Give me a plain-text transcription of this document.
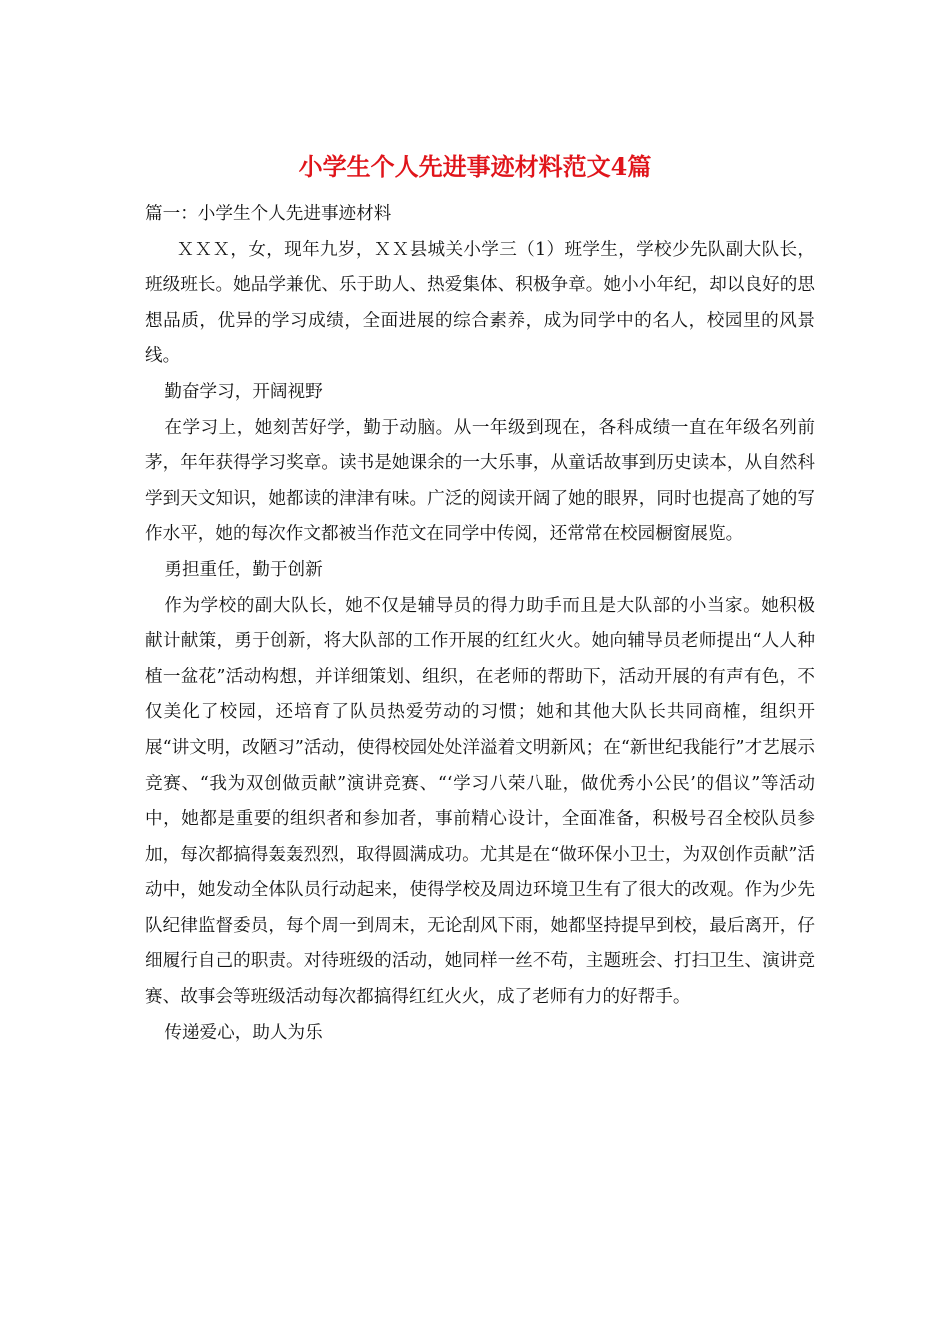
小学生个人先进事迹材料范文4篇

篇一：小学生个人先进事迹材料

ＸＸＸ，女，现年九岁，ＸＸ县城关小学三（1）班学生，学校少先队副大队长，班级班长。她品学兼优、乐于助人、热爱集体、积极争章。她小小年纪，却以良好的思想品质，优异的学习成绩，全面进展的综合素养，成为同学中的名人，校园里的风景线。

勤奋学习，开阔视野

在学习上，她刻苦好学，勤于动脑。从一年级到现在，各科成绩一直在年级名列前茅，年年获得学习奖章。读书是她课余的一大乐事，从童话故事到历史读本，从自然科学到天文知识，她都读的津津有味。广泛的阅读开阔了她的眼界，同时也提高了她的写作水平，她的每次作文都被当作范文在同学中传阅，还常常在校园橱窗展览。

勇担重任，勤于创新

作为学校的副大队长，她不仅是辅导员的得力助手而且是大队部的小当家。她积极献计献策，勇于创新，将大队部的工作开展的红红火火。她向辅导员老师提出“人人种植一盆花”活动构想，并详细策划、组织，在老师的帮助下，活动开展的有声有色，不仅美化了校园，还培育了队员热爱劳动的习惯；她和其他大队长共同商榷，组织开展“讲文明，改陋习”活动，使得校园处处洋溢着文明新风；在“新世纪我能行”才艺展示竞赛、“我为双创做贡献”演讲竞赛、“‘学习八荣八耻，做优秀小公民’的倡议”等活动中，她都是重要的组织者和参加者，事前精心设计，全面准备，积极号召全校队员参加，每次都搞得轰轰烈烈，取得圆满成功。尤其是在“做环保小卫士，为双创作贡献”活动中，她发动全体队员行动起来，使得学校及周边环境卫生有了很大的改观。作为少先队纪律监督委员，每个周一到周末，无论刮风下雨，她都坚持提早到校，最后离开，仔细履行自己的职责。对待班级的活动，她同样一丝不苟，主题班会、打扫卫生、演讲竞赛、故事会等班级活动每次都搞得红红火火，成了老师有力的好帮手。

传递爱心，助人为乐
